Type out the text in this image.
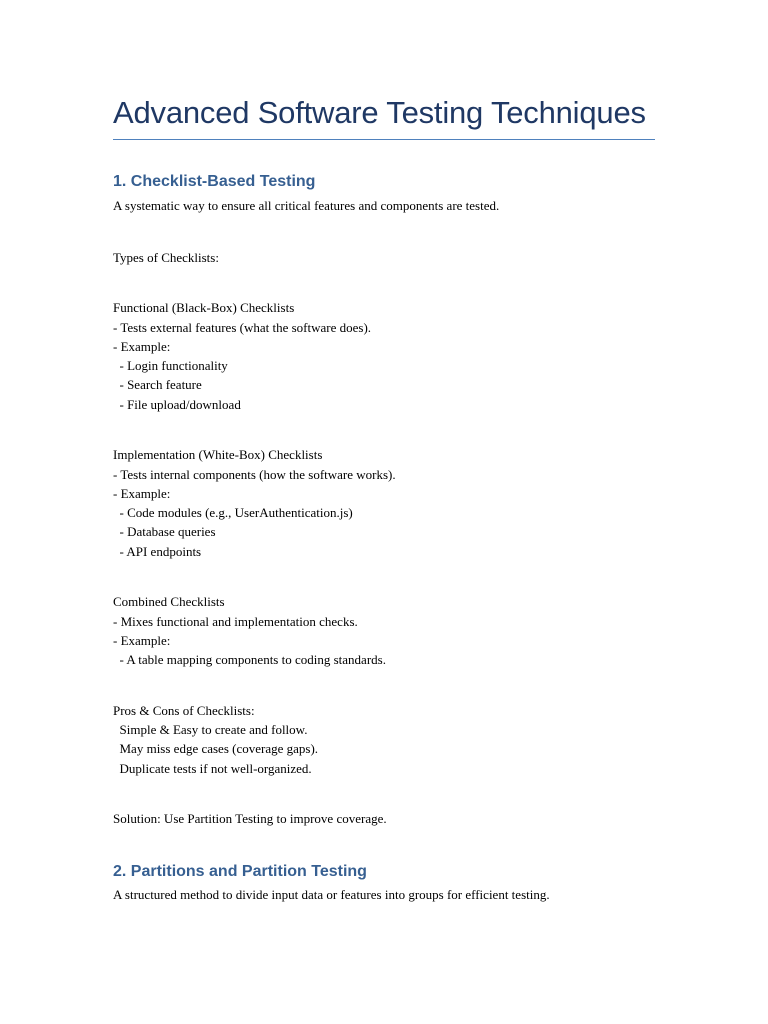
Advanced Software Testing Techniques
1. Checklist-Based Testing

A systematic way to ensure all critical features and components are tested.

Types of Checklists:

Functional (Black-Box) Checklists

- Tests external features (what the software does).

- Example:

- Login functionality

- Search feature

- File upload/download

Implementation (White-Box) Checklists

- Tests internal components (how the software works).

- Example:

- Code modules (e.g., UserAuthentication.js)

- Database queries

- API endpoints

Combined Checklists

- Mixes functional and implementation checks.

- Example:

- A table mapping components to coding standards.

Pros & Cons of Checklists:

Simple & Easy to create and follow.

May miss edge cases (coverage gaps).

Duplicate tests if not well-organized.

Solution: Use Partition Testing to improve coverage.

2. Partitions and Partition Testing

A structured method to divide input data or features into groups for efficient testing.
